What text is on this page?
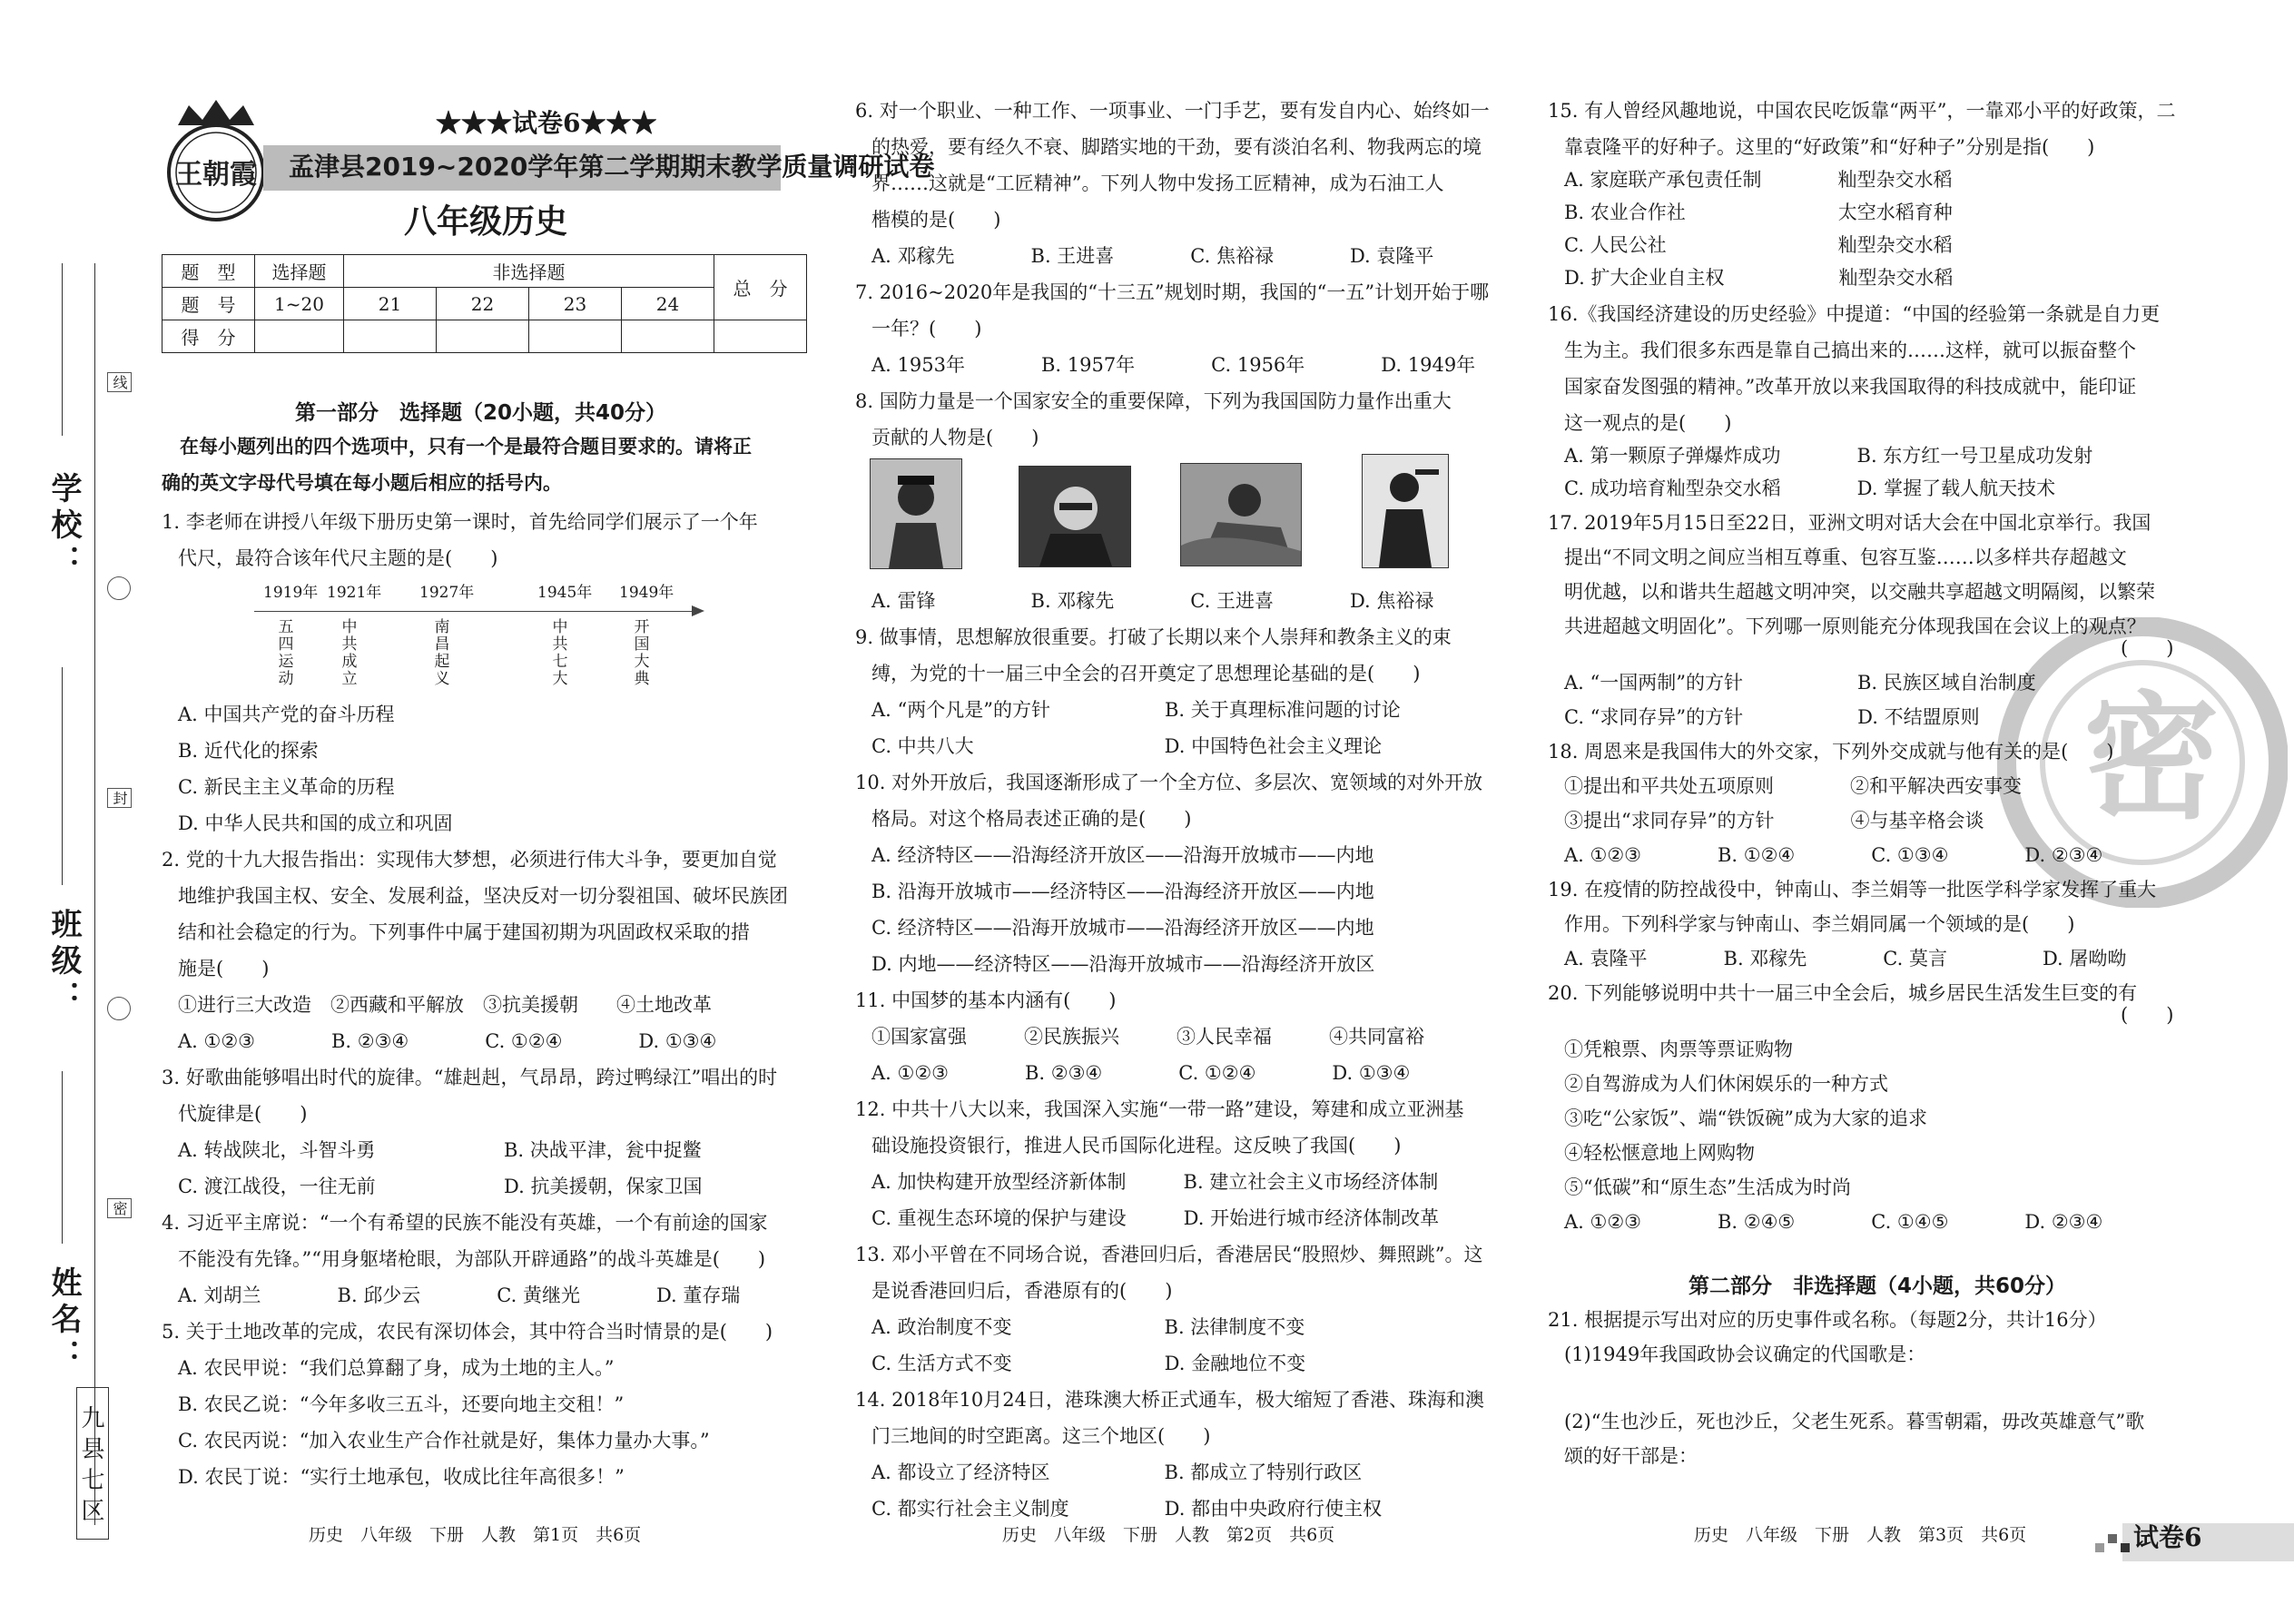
学校：
班级：
姓名：
线
封
密
九县七区
王朝霞
★★★试卷6★★★
孟津县2019~2020学年第二学期期末教学质量调研试卷
八年级历史
题　型	选择题	非选择题				总　分
题　号	1~20	21	22	23	24	
得　分						
第一部分　选择题（20小题，共40分）
在每小题列出的四个选项中，只有一个是最符合题目要求的。请将正
确的英文字母代号填在每小题后相应的括号内。
1. 李老师在讲授八年级下册历史第一课时，首先给同学们展示了一个年
代尺，最符合该年代尺主题的是(　　)
1919年 1921年 1927年	1945年 1949年
五四运动
中共成立
南昌起义
中共七大
开国大典
A. 中国共产党的奋斗历程
B. 近代化的探索
C. 新民主主义革命的历程
D. 中华人民共和国的成立和巩固
2. 党的十九大报告指出：实现伟大梦想，必须进行伟大斗争，要更加自觉
地维护我国主权、安全、发展利益，坚决反对一切分裂祖国、破坏民族团
结和社会稳定的行为。下列事件中属于建国初期为巩固政权采取的措
施是(　　)
①进行三大改造　②西藏和平解放　③抗美援朝　　④土地改革
A. ①②③　　　　B. ②③④　　　　C. ①②④　　　　D. ①③④
3. 好歌曲能够唱出时代的旋律。“雄赳赳，气昂昂，跨过鸭绿江”唱出的时
代旋律是(　　)
A. 转战陕北，斗智斗勇	B. 决战平津，瓮中捉鳖
C. 渡江战役，一往无前	D. 抗美援朝，保家卫国
4. 习近平主席说：“一个有希望的民族不能没有英雄，一个有前途的国家
不能没有先锋。”“用身躯堵枪眼，为部队开辟通路”的战斗英雄是(　　)
A. 刘胡兰　　　　B. 邱少云　　　　C. 黄继光　　　　D. 董存瑞
5. 关于土地改革的完成，农民有深切体会，其中符合当时情景的是(　　)
A. 农民甲说：“我们总算翻了身，成为土地的主人。”
B. 农民乙说：“今年多收三五斗，还要向地主交租！”
C. 农民丙说：“加入农业生产合作社就是好，集体力量办大事。”
D. 农民丁说：“实行土地承包，收成比往年高很多！”
历史　八年级　下册　人教　第1页　共6页
6. 对一个职业、一种工作、一项事业、一门手艺，要有发自内心、始终如一
的热爱，要有经久不衰、脚踏实地的干劲，要有淡泊名利、物我两忘的境
界……这就是“工匠精神”。下列人物中发扬工匠精神，成为石油工人
楷模的是(　　)
A. 邓稼先　　　　B. 王进喜　　　　C. 焦裕禄　　　　D. 袁隆平
7. 2016~2020年是我国的“十三五”规划时期，我国的“一五”计划开始于哪
一年？(　　)
A. 1953年　　　　B. 1957年　　　　C. 1956年　　　　D. 1949年
8. 国防力量是一个国家安全的重要保障，下列为我国国防力量作出重大
贡献的人物是(　　)
A. 雷锋　　　　　B. 邓稼先　　　　C. 王进喜　　　　D. 焦裕禄
9. 做事情，思想解放很重要。打破了长期以来个人崇拜和教条主义的束
缚，为党的十一届三中全会的召开奠定了思想理论基础的是(　　)
A. “两个凡是”的方针　　　　　　B. 关于真理标准问题的讨论
C. 中共八大　　　　　　　　　　D. 中国特色社会主义理论
10. 对外开放后，我国逐渐形成了一个全方位、多层次、宽领域的对外开放
格局。对这个格局表述正确的是(　　)
A. 经济特区——沿海经济开放区——沿海开放城市——内地
B. 沿海开放城市——经济特区——沿海经济开放区——内地
C. 经济特区——沿海开放城市——沿海经济开放区——内地
D. 内地——经济特区——沿海开放城市——沿海经济开放区
11. 中国梦的基本内涵有(　　)
①国家富强　　　②民族振兴　　　③人民幸福　　　④共同富裕
A. ①②③　　　　B. ②③④　　　　C. ①②④　　　　D. ①③④
12. 中共十八大以来，我国深入实施“一带一路”建设，筹建和成立亚洲基
础设施投资银行，推进人民币国际化进程。这反映了我国(　　)
A. 加快构建开放型经济新体制　　　B. 建立社会主义市场经济体制
C. 重视生态环境的保护与建设　　　D. 开始进行城市经济体制改革
13. 邓小平曾在不同场合说，香港回归后，香港居民“股照炒、舞照跳”。这
是说香港回归后，香港原有的(　　)
A. 政治制度不变　　　　　　　　B. 法律制度不变
C. 生活方式不变　　　　　　　　D. 金融地位不变
14. 2018年10月24日，港珠澳大桥正式通车，极大缩短了香港、珠海和澳
门三地间的时空距离。这三个地区(　　)
A. 都设立了经济特区　　　　　　B. 都成立了特别行政区
C. 都实行社会主义制度　　　　　D. 都由中央政府行使主权
历史　八年级　下册　人教　第2页　共6页
密
15. 有人曾经风趣地说，中国农民吃饭靠“两平”，一靠邓小平的好政策，二
靠袁隆平的好种子。这里的“好政策”和“好种子”分别是指(　　)
A. 家庭联产承包责任制　　　　籼型杂交水稻
B. 农业合作社　　　　　　　　太空水稻育种
C. 人民公社　　　　　　　　　籼型杂交水稻
D. 扩大企业自主权　　　　　　籼型杂交水稻
16.《我国经济建设的历史经验》中提道：“中国的经验第一条就是自力更
生为主。我们很多东西是靠自己搞出来的……这样，就可以振奋整个
国家奋发图强的精神。”改革开放以来我国取得的科技成就中，能印证
这一观点的是(　　)
A. 第一颗原子弹爆炸成功　　　　B. 东方红一号卫星成功发射
C. 成功培育籼型杂交水稻　　　　D. 掌握了载人航天技术
17. 2019年5月15日至22日，亚洲文明对话大会在中国北京举行。我国
提出“不同文明之间应当相互尊重、包容互鉴……以多样共存超越文
明优越，以和谐共生超越文明冲突，以交融共享超越文明隔阂，以繁荣
共进超越文明固化”。下列哪一原则能充分体现我国在会议上的观点？
(　　)
A. “一国两制”的方针　　　　　　B. 民族区域自治制度
C. “求同存异”的方针　　　　　　D. 不结盟原则
18. 周恩来是我国伟大的外交家，下列外交成就与他有关的是(　　)
①提出和平共处五项原则　　　　②和平解决西安事变
③提出“求同存异”的方针　　　　④与基辛格会谈
A. ①②③　　　　B. ①②④　　　　C. ①③④　　　　D. ②③④
19. 在疫情的防控战役中，钟南山、李兰娟等一批医学科学家发挥了重大
作用。下列科学家与钟南山、李兰娟同属一个领域的是(　　)
A. 袁隆平　　　　B. 邓稼先　　　　C. 莫言　　　　　D. 屠呦呦
20. 下列能够说明中共十一届三中全会后，城乡居民生活发生巨变的有
(　　)
①凭粮票、肉票等票证购物
②自驾游成为人们休闲娱乐的一种方式
③吃“公家饭”、端“铁饭碗”成为大家的追求
④轻松惬意地上网购物
⑤“低碳”和“原生态”生活成为时尚
A. ①②③　　　　B. ②④⑤　　　　C. ①④⑤　　　　D. ②③④
第二部分　非选择题（4小题，共60分）
21. 根据提示写出对应的历史事件或名称。（每题2分，共计16分）
(1)1949年我国政协会议确定的代国歌是：
(2)“生也沙丘，死也沙丘，父老生死系。暮雪朝霜，毋改英雄意气”歌
颂的好干部是：
历史　八年级　下册　人教　第3页　共6页	试卷6
